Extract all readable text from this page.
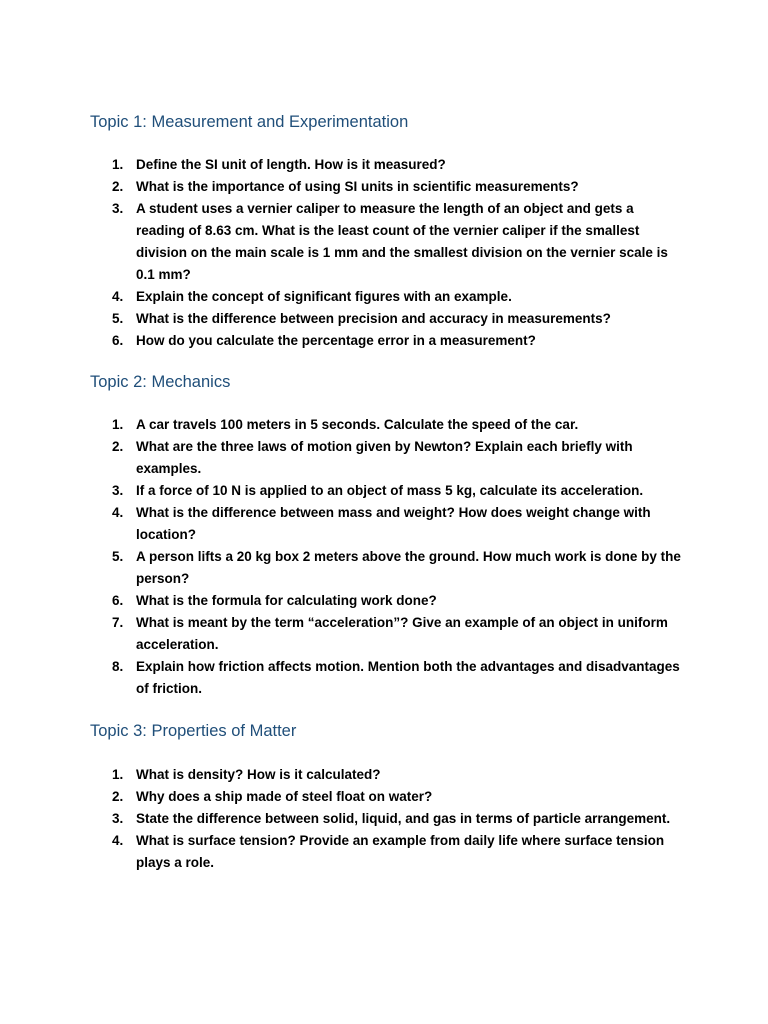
Topic 1: Measurement and Experimentation
1. Define the SI unit of length. How is it measured?
2. What is the importance of using SI units in scientific measurements?
3. A student uses a vernier caliper to measure the length of an object and gets a reading of 8.63 cm. What is the least count of the vernier caliper if the smallest division on the main scale is 1 mm and the smallest division on the vernier scale is 0.1 mm?
4. Explain the concept of significant figures with an example.
5. What is the difference between precision and accuracy in measurements?
6. How do you calculate the percentage error in a measurement?
Topic 2: Mechanics
1. A car travels 100 meters in 5 seconds. Calculate the speed of the car.
2. What are the three laws of motion given by Newton? Explain each briefly with examples.
3. If a force of 10 N is applied to an object of mass 5 kg, calculate its acceleration.
4. What is the difference between mass and weight? How does weight change with location?
5. A person lifts a 20 kg box 2 meters above the ground. How much work is done by the person?
6. What is the formula for calculating work done?
7. What is meant by the term “acceleration”? Give an example of an object in uniform acceleration.
8. Explain how friction affects motion. Mention both the advantages and disadvantages of friction.
Topic 3: Properties of Matter
1. What is density? How is it calculated?
2. Why does a ship made of steel float on water?
3. State the difference between solid, liquid, and gas in terms of particle arrangement.
4. What is surface tension? Provide an example from daily life where surface tension plays a role.
